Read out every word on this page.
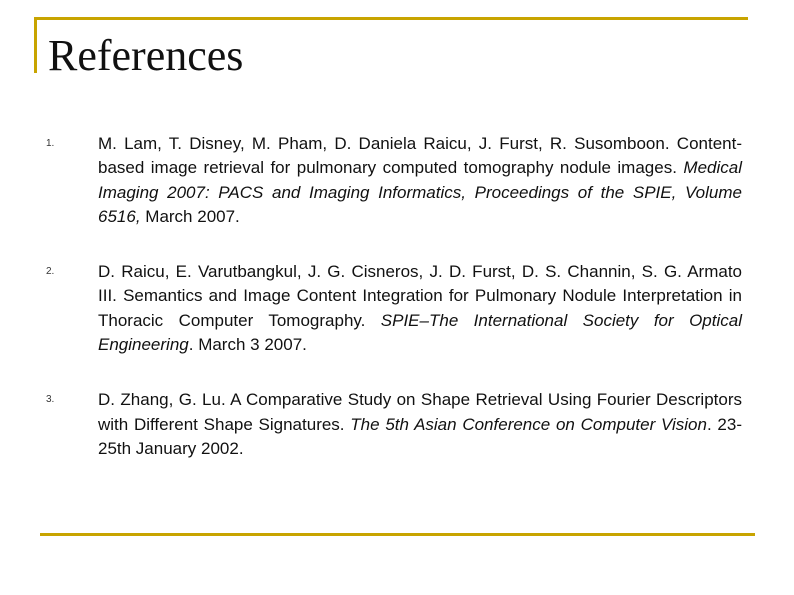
References
1.	M. Lam, T. Disney, M. Pham, D. Daniela Raicu, J. Furst, R. Susomboon. Content-based image retrieval for pulmonary computed tomography nodule images. Medical Imaging 2007: PACS and Imaging Informatics, Proceedings of the SPIE, Volume 6516, March 2007.
2.	D. Raicu, E. Varutbangkul, J. G. Cisneros, J. D. Furst, D. S. Channin, S. G. Armato III. Semantics and Image Content Integration for Pulmonary Nodule Interpretation in Thoracic Computer Tomography. SPIE–The International Society for Optical Engineering. March 3 2007.
3.	D. Zhang, G. Lu. A Comparative Study on Shape Retrieval Using Fourier Descriptors with Different Shape Signatures. The 5th Asian Conference on Computer Vision. 23-25th January 2002.
